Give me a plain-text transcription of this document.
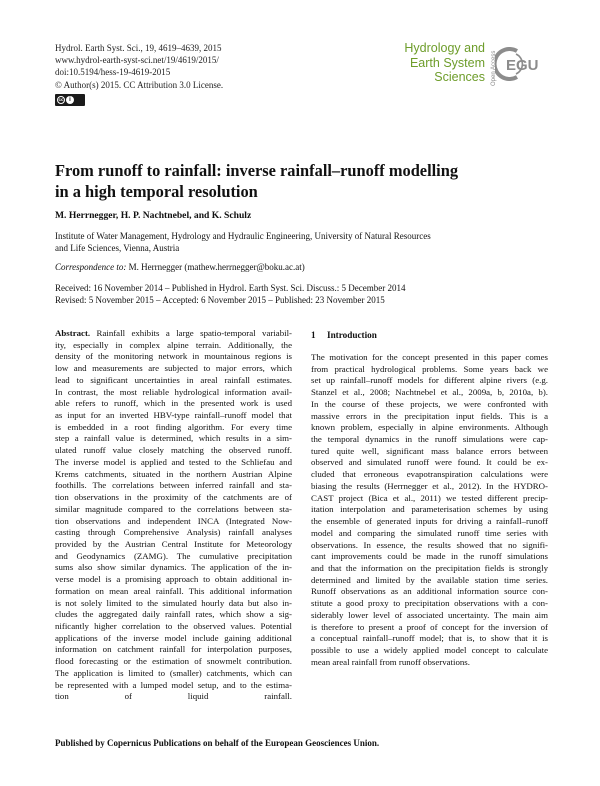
Hydrol. Earth Syst. Sci., 19, 4619–4639, 2015
www.hydrol-earth-syst-sci.net/19/4619/2015/
doi:10.5194/hess-19-4619-2015
© Author(s) 2015. CC Attribution 3.0 License.
cc i
Hydrology and
Earth System
Sciences Open Access EGU
From runoff to rainfall: inverse rainfall–runoff modelling
in a high temporal resolution
M. Herrnegger, H. P. Nachtnebel, and K. Schulz
Institute of Water Management, Hydrology and Hydraulic Engineering, University of Natural Resources
and Life Sciences, Vienna, Austria
Correspondence to: M. Herrnegger (mathew.herrnegger@boku.ac.at)
Received: 16 November 2014 – Published in Hydrol. Earth Syst. Sci. Discuss.: 5 December 2014
Revised: 5 November 2015 – Accepted: 6 November 2015 – Published: 23 November 2015
Abstract. Rainfall exhibits a large spatio-temporal variabil-
ity, especially in complex alpine terrain. Additionally, the
density of the monitoring network in mountainous regions is
low and measurements are subjected to major errors, which
lead to significant uncertainties in areal rainfall estimates.
In contrast, the most reliable hydrological information avail-
able refers to runoff, which in the presented work is used
as input for an inverted HBV-type rainfall–runoff model that
is embedded in a root finding algorithm. For every time
step a rainfall value is determined, which results in a sim-
ulated runoff value closely matching the observed runoff.
The inverse model is applied and tested to the Schliefau and
Krems catchments, situated in the northern Austrian Alpine
foothills. The correlations between inferred rainfall and sta-
tion observations in the proximity of the catchments are of
similar magnitude compared to the correlations between sta-
tion observations and independent INCA (Integrated Now-
casting through Comprehensive Analysis) rainfall analyses
provided by the Austrian Central Institute for Meteorology
and Geodynamics (ZAMG). The cumulative precipitation
sums also show similar dynamics. The application of the in-
verse model is a promising approach to obtain additional in-
formation on mean areal rainfall. This additional information
is not solely limited to the simulated hourly data but also in-
cludes the aggregated daily rainfall rates, which show a sig-
nificantly higher correlation to the observed values. Potential
applications of the inverse model include gaining additional
information on catchment rainfall for interpolation purposes,
flood forecasting or the estimation of snowmelt contribution.
The application is limited to (smaller) catchments, which can
be represented with a lumped model setup, and to the estima-
tion of liquid rainfall.
1 Introduction
The motivation for the concept presented in this paper comes
from practical hydrological problems. Some years back we
set up rainfall–runoff models for different alpine rivers (e.g.
Stanzel et al., 2008; Nachtnebel et al., 2009a, b, 2010a, b).
In the course of these projects, we were confronted with
massive errors in the precipitation input fields. This is a
known problem, especially in alpine environments. Although
the temporal dynamics in the runoff simulations were cap-
tured quite well, significant mass balance errors between
observed and simulated runoff were found. It could be ex-
cluded that erroneous evapotranspiration calculations were
biasing the results (Herrnegger et al., 2012). In the HYDRO-
CAST project (Bica et al., 2011) we tested different precip-
itation interpolation and parameterisation schemes by using
the ensemble of generated inputs for driving a rainfall–runoff
model and comparing the simulated runoff time series with
observations. In essence, the results showed that no signifi-
cant improvements could be made in the runoff simulations
and that the information on the precipitation fields is strongly
determined and limited by the available station time series.
Runoff observations as an additional information source con-
stitute a good proxy to precipitation observations with a con-
siderably lower level of associated uncertainty. The main aim
is therefore to present a proof of concept for the inversion of
a conceptual rainfall–runoff model; that is, to show that it is
possible to use a widely applied model concept to calculate
mean areal rainfall from runoff observations.
Published by Copernicus Publications on behalf of the European Geosciences Union.
